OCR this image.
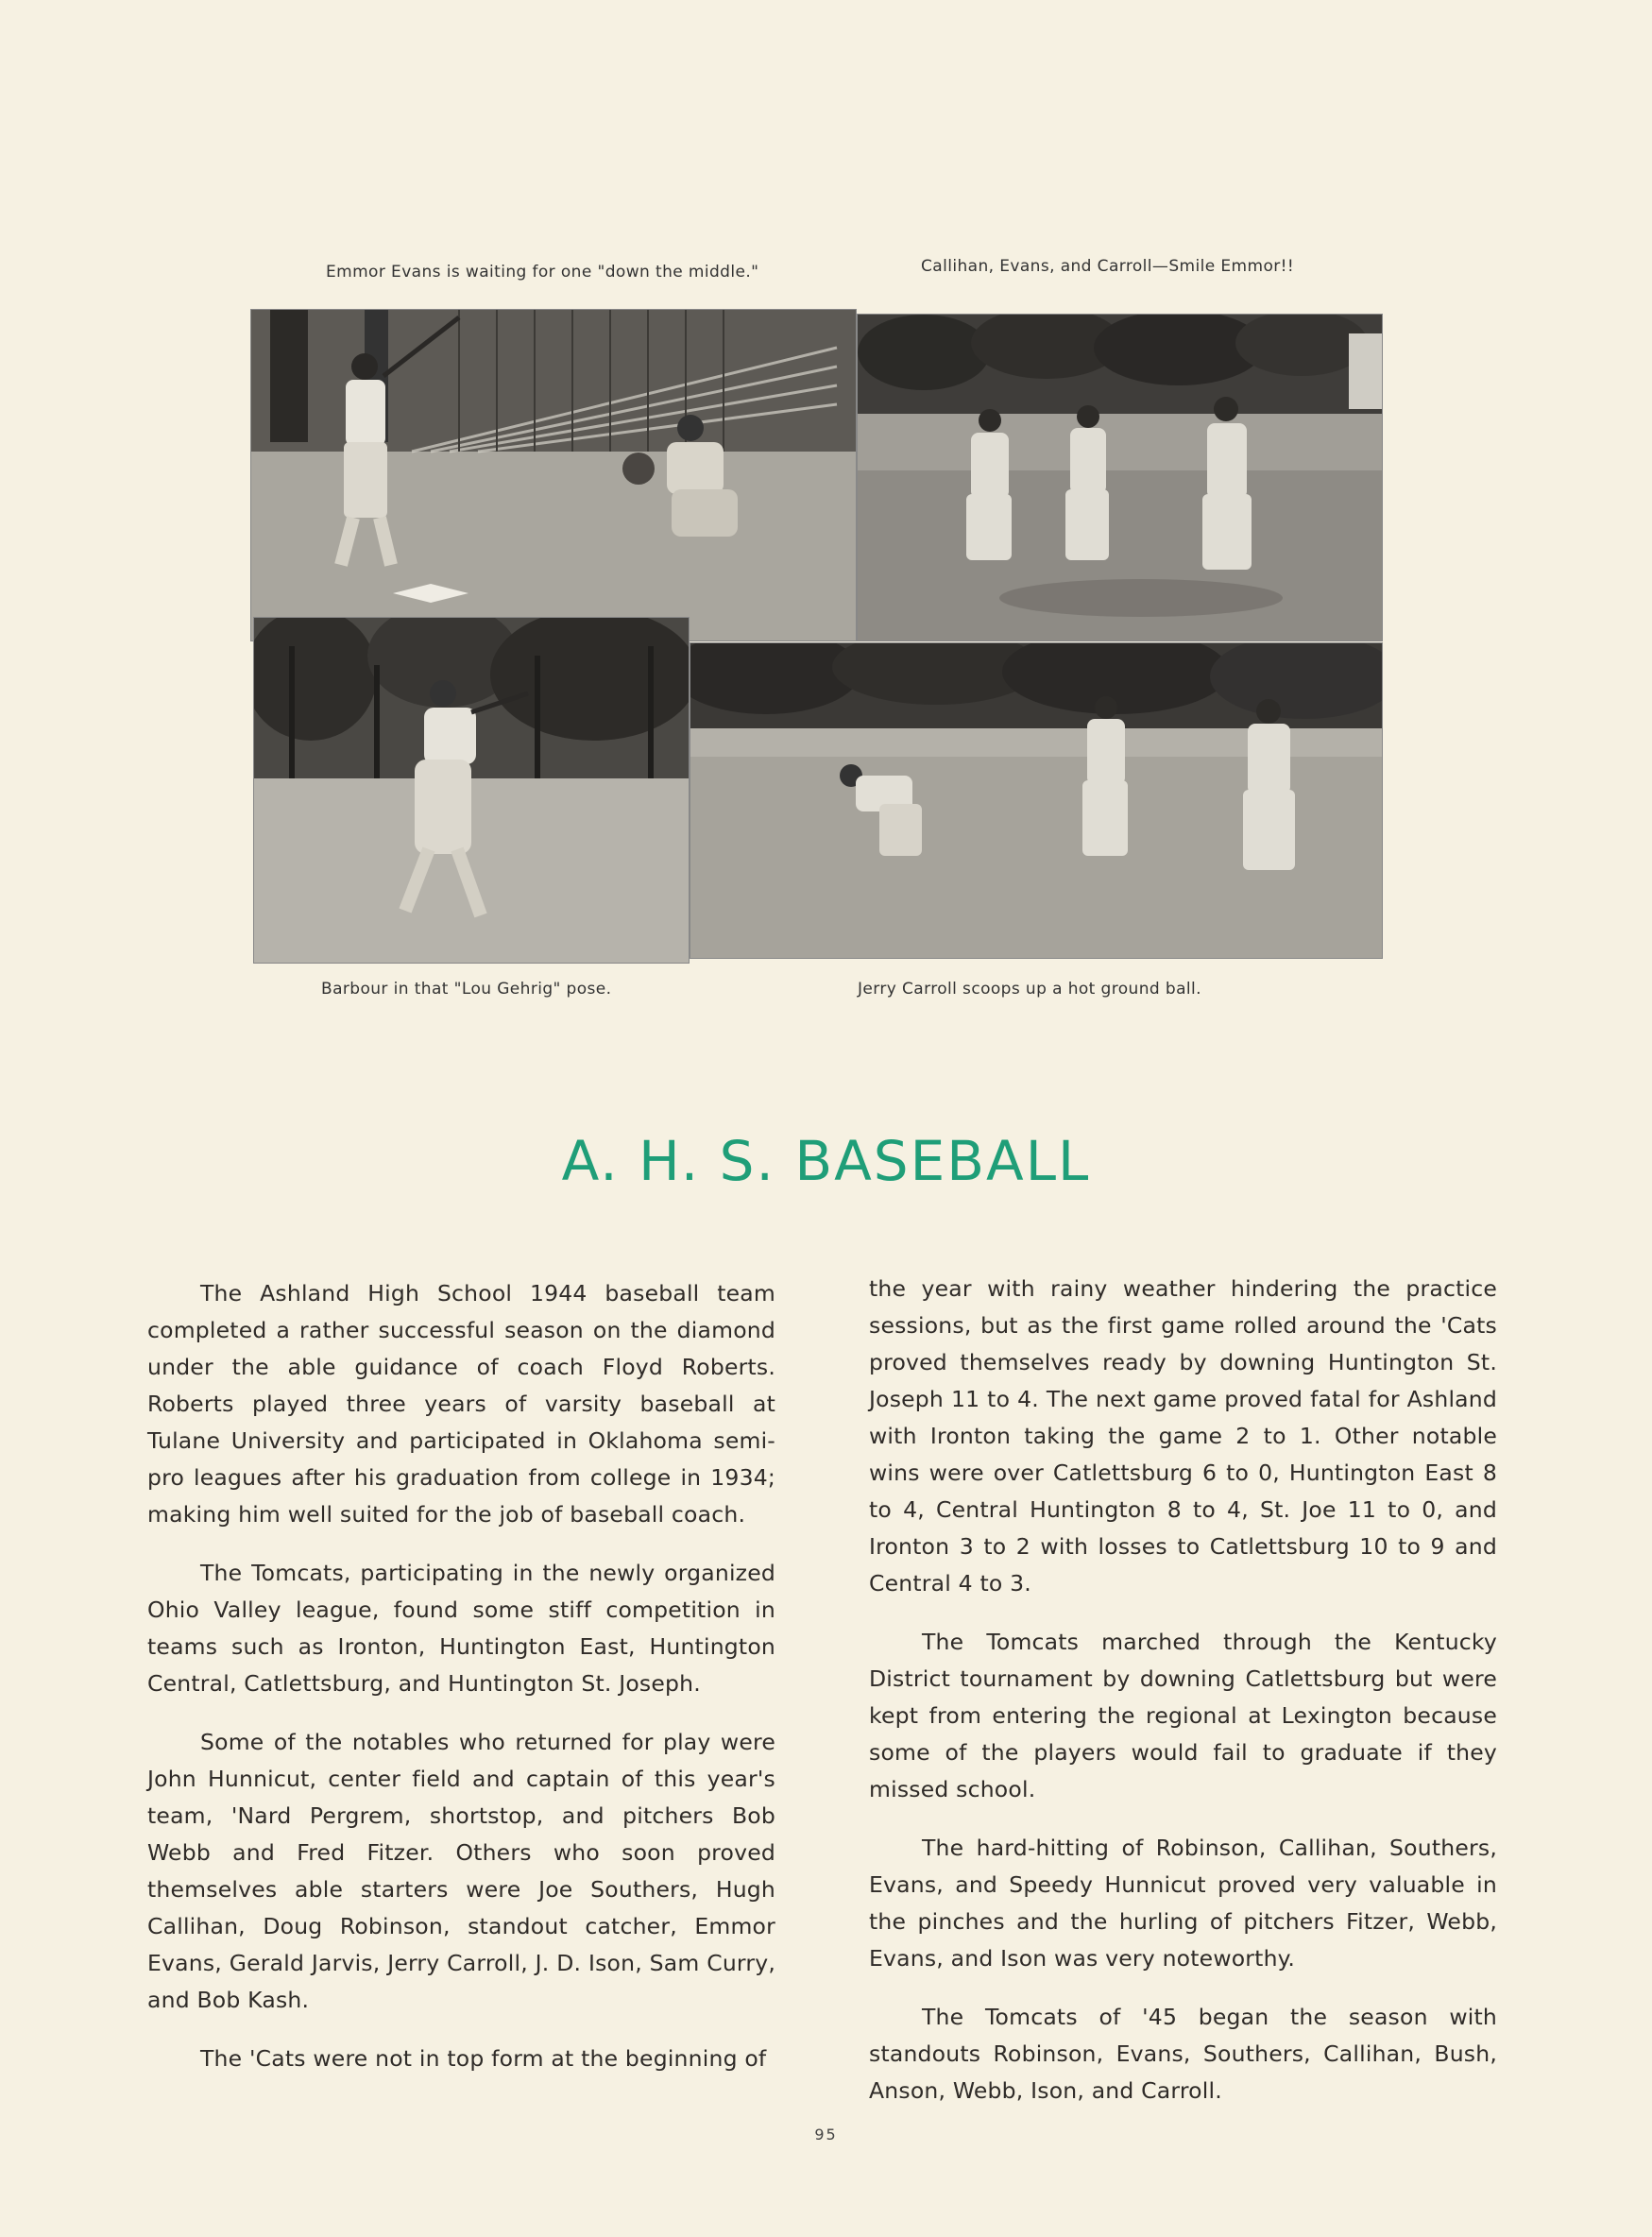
Emmor Evans is waiting for one "down the middle."	Callihan, Evans, and Carroll—Smile Emmor!!
Barbour in that "Lou Gehrig" pose.	Jerry Carroll scoops up a hot ground ball.
A. H. S. BASEBALL

The Ashland High School 1944 baseball team completed a rather successful season on the diamond under the able guidance of coach Floyd Roberts. Roberts played three years of varsity baseball at Tulane University and participated in Oklahoma semi-pro leagues after his graduation from college in 1934; making him well suited for the job of baseball coach.

The Tomcats, participating in the newly organized Ohio Valley league, found some stiff competition in teams such as Ironton, Huntington East, Huntington Central, Catlettsburg, and Huntington St. Joseph.

Some of the notables who returned for play were John Hunnicut, center field and captain of this year's team, 'Nard Pergrem, shortstop, and pitchers Bob Webb and Fred Fitzer. Others who soon proved themselves able starters were Joe Southers, Hugh Callihan, Doug Robinson, standout catcher, Emmor Evans, Gerald Jarvis, Jerry Carroll, J. D. Ison, Sam Curry, and Bob Kash.

The 'Cats were not in top form at the beginning of

the year with rainy weather hindering the practice sessions, but as the first game rolled around the 'Cats proved themselves ready by downing Huntington St. Joseph 11 to 4. The next game proved fatal for Ashland with Ironton taking the game 2 to 1. Other notable wins were over Catlettsburg 6 to 0, Huntington East 8 to 4, Central Huntington 8 to 4, St. Joe 11 to 0, and Ironton 3 to 2 with losses to Catlettsburg 10 to 9 and Central 4 to 3.

The Tomcats marched through the Kentucky District tournament by downing Catlettsburg but were kept from entering the regional at Lexington because some of the players would fail to graduate if they missed school.

The hard-hitting of Robinson, Callihan, Southers, Evans, and Speedy Hunnicut proved very valuable in the pinches and the hurling of pitchers Fitzer, Webb, Evans, and Ison was very noteworthy.

The Tomcats of '45 began the season with standouts Robinson, Evans, Southers, Callihan, Bush, Anson, Webb, Ison, and Carroll.

95
